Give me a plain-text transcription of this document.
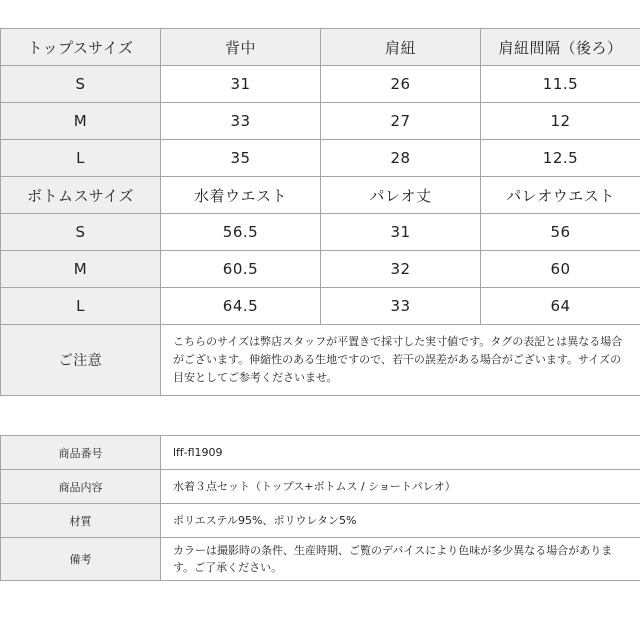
トップスサイズ	背中	肩紐	肩紐間隔（後ろ）
S	31	26	11.5
M	33	27	12
L	35	28	12.5
ボトムスサイズ	水着ウエスト	パレオ丈	パレオウエスト
S	56.5	31	56
M	60.5	32	60
L	64.5	33	64
ご注意	こちらのサイズは弊店スタッフが平置きで採寸した実寸値です。タグの表記とは異なる場合がございます。伸縮性のある生地ですので、若干の誤差がある場合がございます。サイズの目安としてご参考くださいませ。		
商品番号	lff-fl1909
商品内容	水着３点セット（トップス+ボトムス / ショートパレオ）
材質	ポリエステル95%、ポリウレタン5%
備考	カラーは撮影時の条件、生産時期、ご覧のデバイスにより色味が多少異なる場合があります。ご了承ください。
